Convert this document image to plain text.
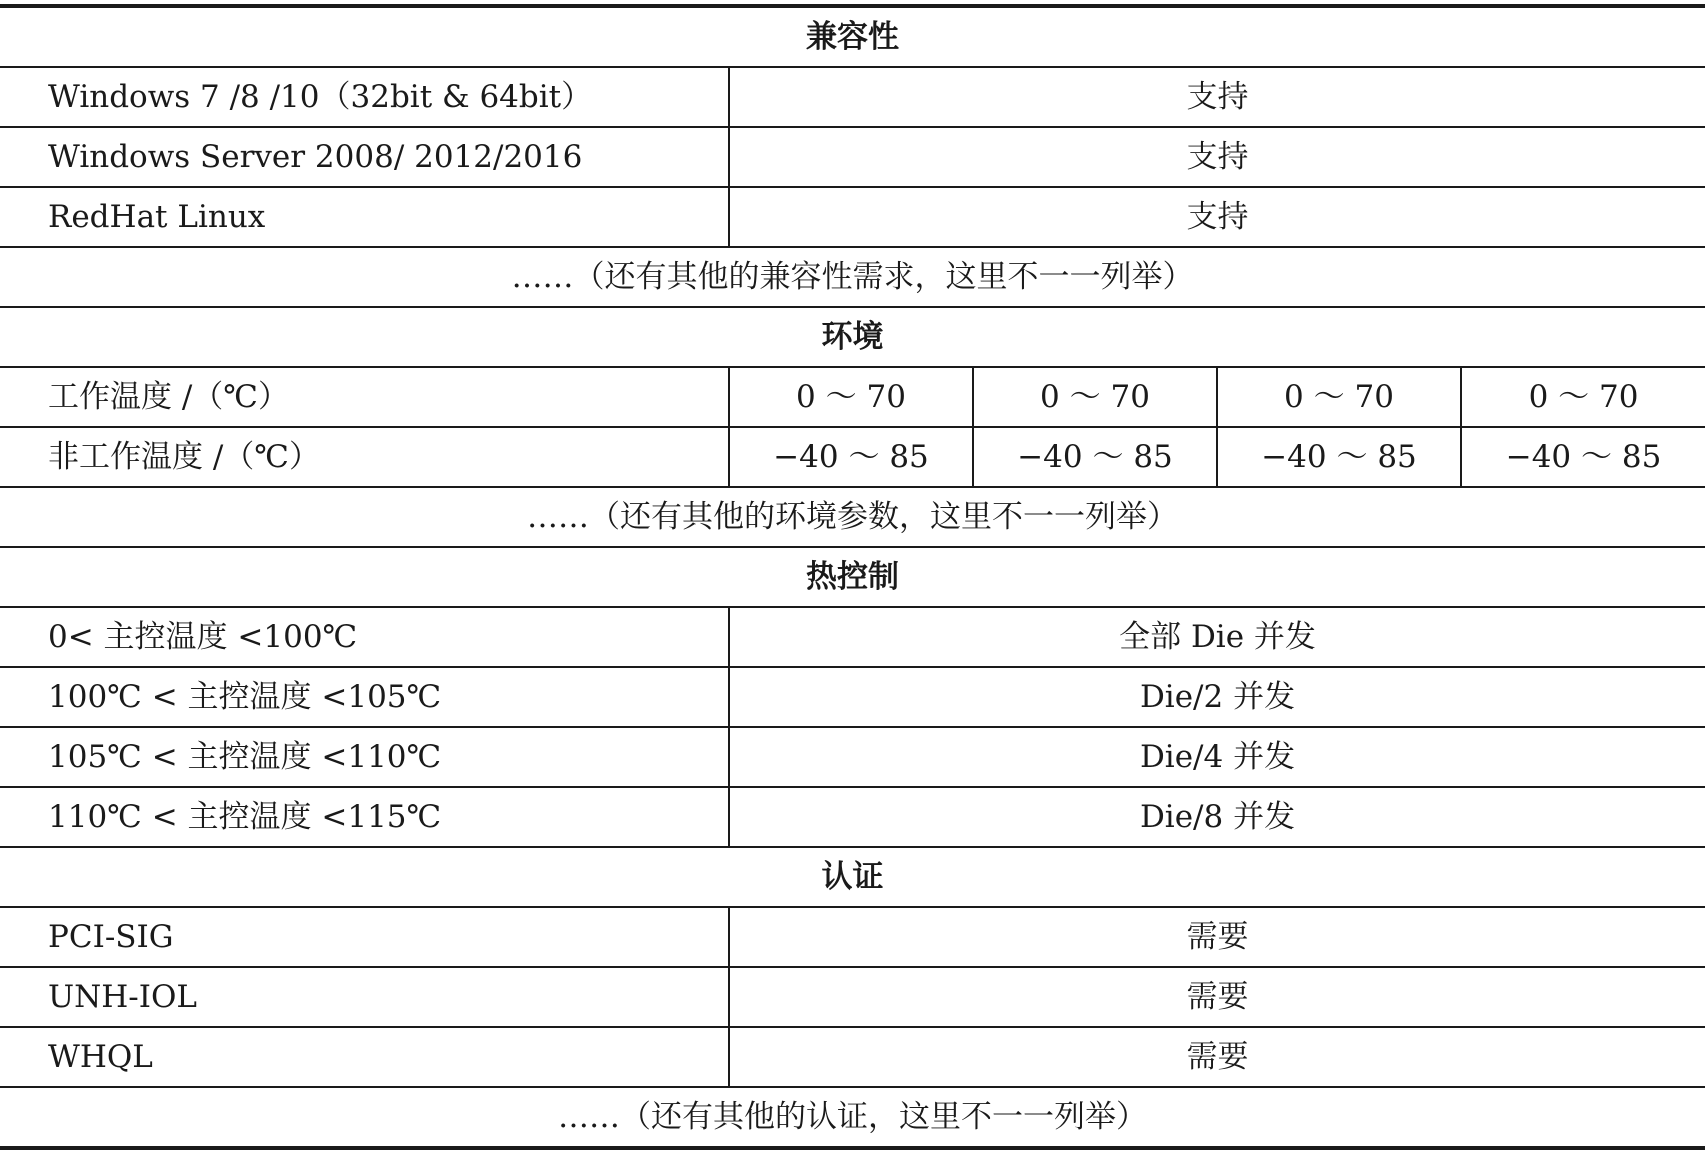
兼容性				
Windows 7 /8 /10（32bit & 64bit）	支持			
Windows Server 2008/ 2012/2016	支持			
RedHat Linux	支持			
……（还有其他的兼容性需求，这里不一一列举）				
环境				
工作温度 /（℃）	0 ～ 70	0 ～ 70	0 ～ 70	0 ～ 70
非工作温度 /（℃）	−40 ～ 85	−40 ～ 85	−40 ～ 85	−40 ～ 85
……（还有其他的环境参数，这里不一一列举）				
热控制				
0< 主控温度 <100℃	全部 Die 并发			
100℃ < 主控温度 <105℃	Die/2 并发			
105℃ < 主控温度 <110℃	Die/4 并发			
110℃ < 主控温度 <115℃	Die/8 并发			
认证				
PCI-SIG	需要			
UNH-IOL	需要			
WHQL	需要			
……（还有其他的认证，这里不一一列举）				
